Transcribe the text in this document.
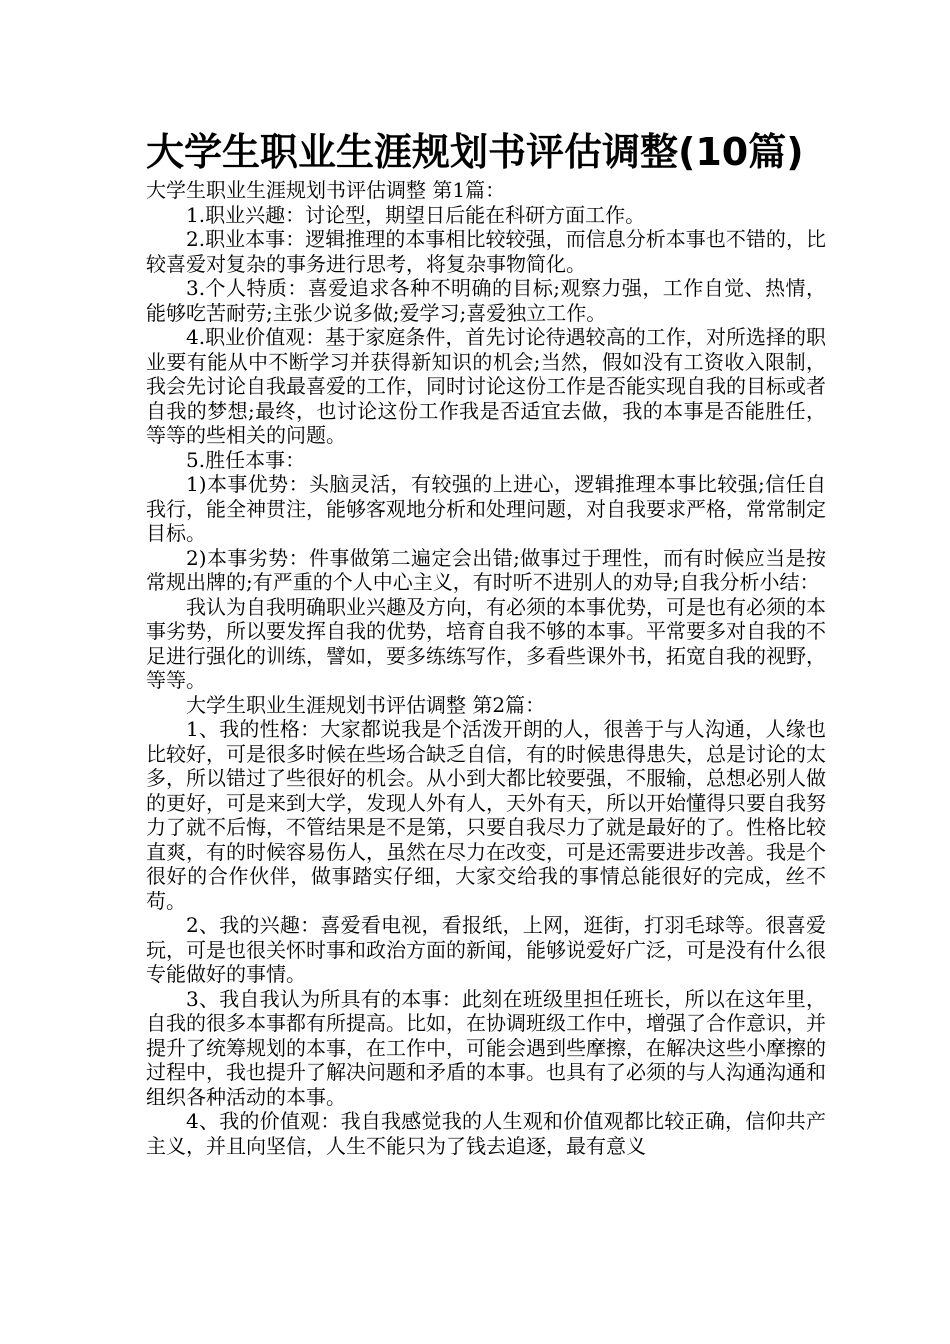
大学生职业生涯规划书评估调整(10篇)

大学生职业生涯规划书评估调整 第1篇：

1.职业兴趣：讨论型，期望日后能在科研方面工作。

2.职业本事：逻辑推理的本事相比较较强，而信息分析本事也不错的，比较喜爱对复杂的事务进行思考，将复杂事物简化。

3.个人特质：喜爱追求各种不明确的目标;观察力强，工作自觉、热情，能够吃苦耐劳;主张少说多做;爱学习;喜爱独立工作。

4.职业价值观：基于家庭条件，首先讨论待遇较高的工作，对所选择的职业要有能从中不断学习并获得新知识的机会;当然，假如没有工资收入限制，我会先讨论自我最喜爱的工作，同时讨论这份工作是否能实现自我的目标或者自我的梦想;最终，也讨论这份工作我是否适宜去做，我的本事是否能胜任，等等的些相关的问题。

5.胜任本事：

1)本事优势：头脑灵活，有较强的上进心，逻辑推理本事比较强;信任自我行，能全神贯注，能够客观地分析和处理问题，对自我要求严格，常常制定目标。

2)本事劣势：件事做第二遍定会出错;做事过于理性，而有时候应当是按常规出牌的;有严重的个人中心主义，有时听不进别人的劝导;自我分析小结：

我认为自我明确职业兴趣及方向，有必须的本事优势，可是也有必须的本事劣势，所以要发挥自我的优势，培育自我不够的本事。平常要多对自我的不足进行强化的训练，譬如，要多练练写作，多看些课外书，拓宽自我的视野，等等。

大学生职业生涯规划书评估调整 第2篇：

1、我的性格：大家都说我是个活泼开朗的人，很善于与人沟通，人缘也比较好，可是很多时候在些场合缺乏自信，有的时候患得患失，总是讨论的太多，所以错过了些很好的机会。从小到大都比较要强，不服输，总想必别人做的更好，可是来到大学，发现人外有人，天外有天，所以开始懂得只要自我努力了就不后悔，不管结果是不是第，只要自我尽力了就是最好的了。性格比较直爽，有的时候容易伤人，虽然在尽力在改变，可是还需要进步改善。我是个很好的合作伙伴，做事踏实仔细，大家交给我的事情总能很好的完成，丝不苟。

2、我的兴趣：喜爱看电视，看报纸，上网，逛街，打羽毛球等。很喜爱玩，可是也很关怀时事和政治方面的新闻，能够说爱好广泛，可是没有什么很专能做好的事情。

3、我自我认为所具有的本事：此刻在班级里担任班长，所以在这年里，自我的很多本事都有所提高。比如，在协调班级工作中，增强了合作意识，并提升了统筹规划的本事，在工作中，可能会遇到些摩擦，在解决这些小摩擦的过程中，我也提升了解决问题和矛盾的本事。也具有了必须的与人沟通沟通和组织各种活动的本事。

4、我的价值观：我自我感觉我的人生观和价值观都比较正确，信仰共产主义，并且向坚信，人生不能只为了钱去追逐，最有意义
